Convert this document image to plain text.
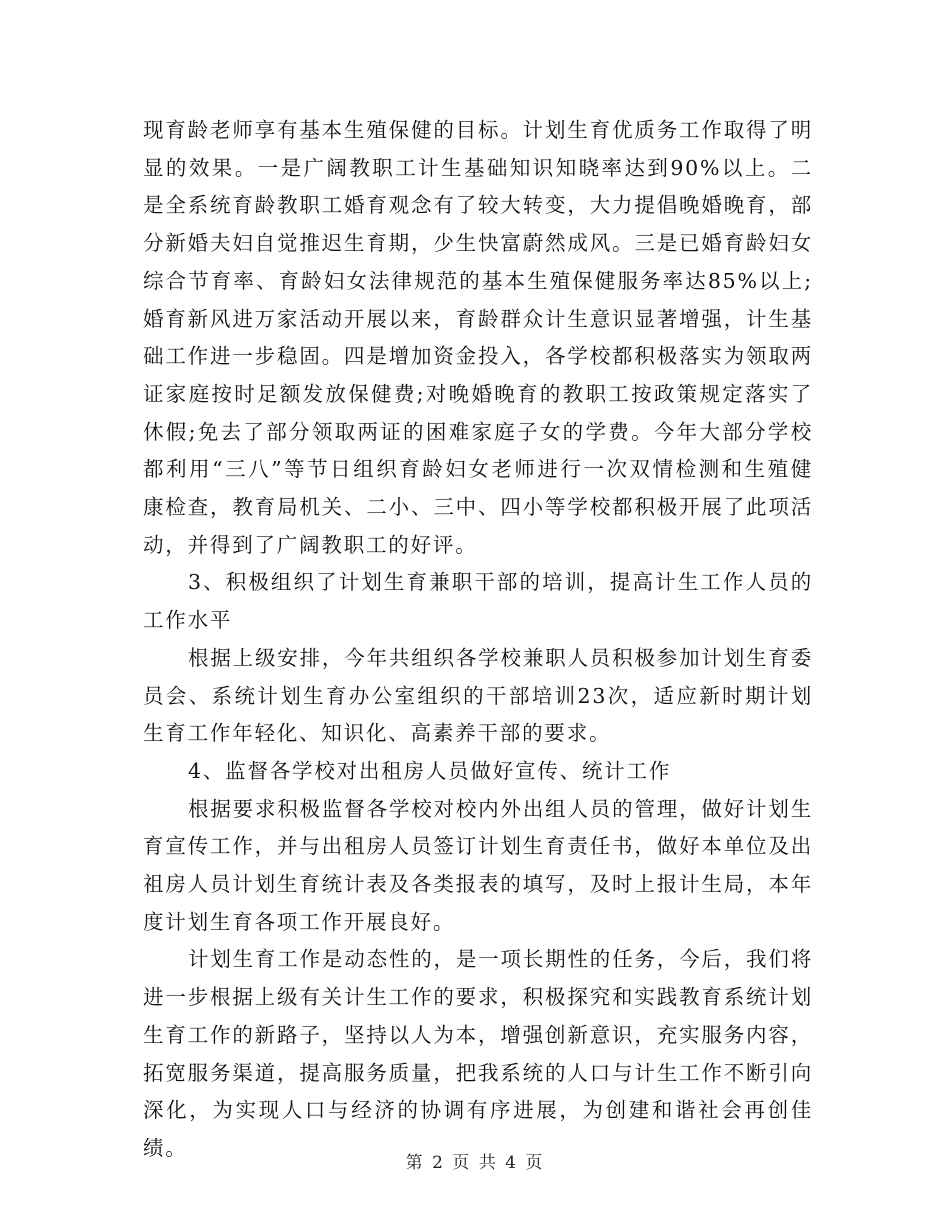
现育龄老师享有基本生殖保健的目标。计划生育优质务工作取得了明显的效果。一是广阔教职工计生基础知识知晓率达到90%以上。二是全系统育龄教职工婚育观念有了较大转变，大力提倡晚婚晚育，部分新婚夫妇自觉推迟生育期，少生快富蔚然成风。三是已婚育龄妇女综合节育率、育龄妇女法律规范的基本生殖保健服务率达85%以上;婚育新风进万家活动开展以来，育龄群众计生意识显著增强，计生基础工作进一步稳固。四是增加资金投入，各学校都积极落实为领取两证家庭按时足额发放保健费;对晚婚晚育的教职工按政策规定落实了休假;免去了部分领取两证的困难家庭子女的学费。今年大部分学校都利用“三八”等节日组织育龄妇女老师进行一次双情检测和生殖健康检查，教育局机关、二小、三中、四小等学校都积极开展了此项活动，并得到了广阔教职工的好评。

3、积极组织了计划生育兼职干部的培训，提高计生工作人员的工作水平

根据上级安排，今年共组织各学校兼职人员积极参加计划生育委员会、系统计划生育办公室组织的干部培训23次，适应新时期计划生育工作年轻化、知识化、高素养干部的要求。

4、监督各学校对出租房人员做好宣传、统计工作

根据要求积极监督各学校对校内外出组人员的管理，做好计划生育宣传工作，并与出租房人员签订计划生育责任书，做好本单位及出祖房人员计划生育统计表及各类报表的填写，及时上报计生局，本年度计划生育各项工作开展良好。

计划生育工作是动态性的，是一项长期性的任务，今后，我们将进一步根据上级有关计生工作的要求，积极探究和实践教育系统计划生育工作的新路子，坚持以人为本，增强创新意识，充实服务内容，拓宽服务渠道，提高服务质量，把我系统的人口与计生工作不断引向深化，为实现人口与经济的协调有序进展，为创建和谐社会再创佳绩。

第 2 页 共 4 页
